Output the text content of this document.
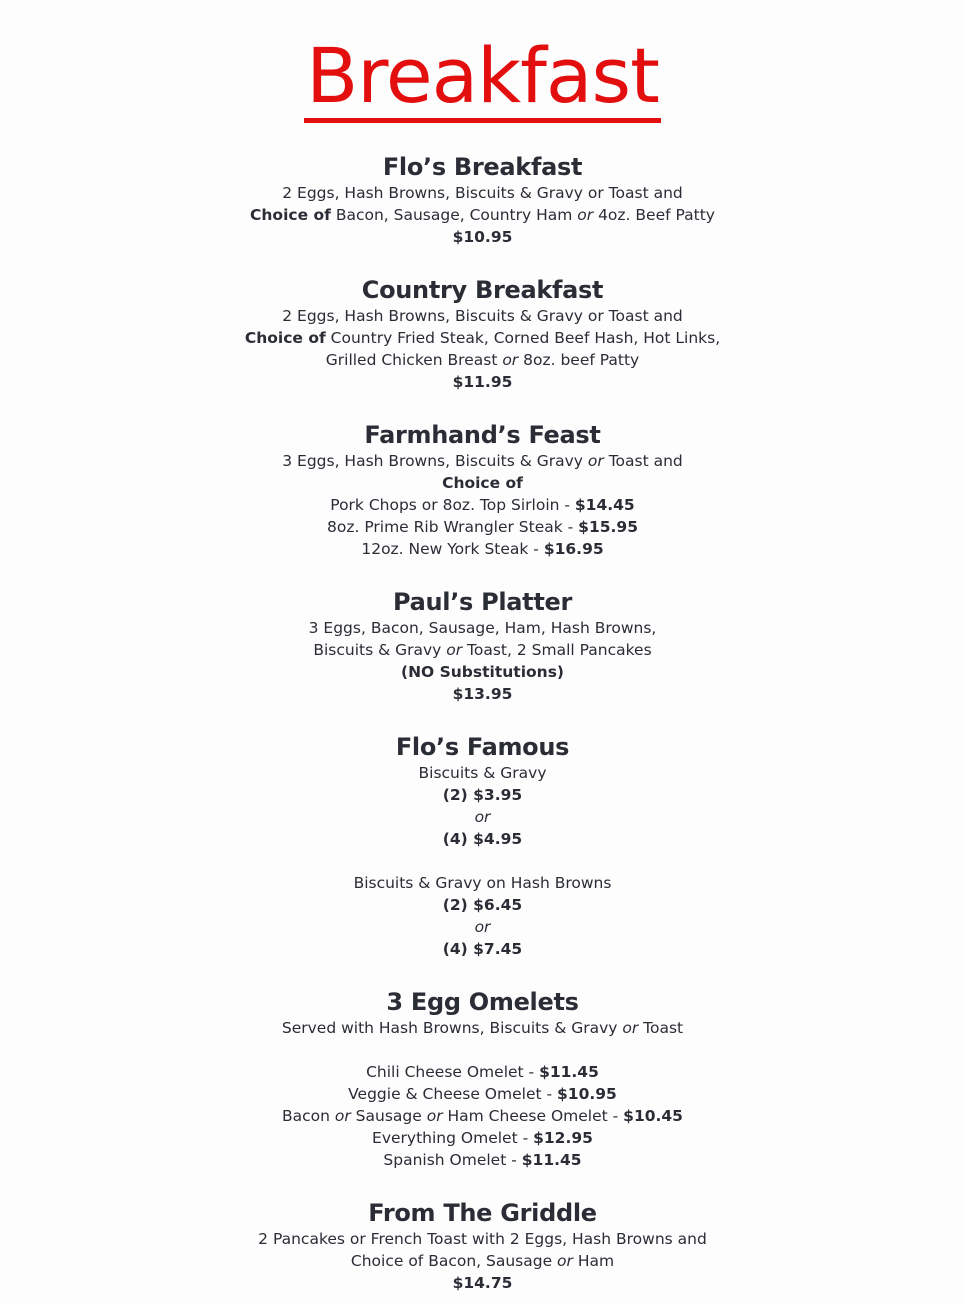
Breakfast
Flo’s Breakfast
2 Eggs, Hash Browns, Biscuits & Gravy or Toast and
Choice of Bacon, Sausage, Country Ham or 4oz. Beef Patty
$10.95
Country Breakfast
2 Eggs, Hash Browns, Biscuits & Gravy or Toast and
Choice of Country Fried Steak, Corned Beef Hash, Hot Links,
Grilled Chicken Breast or 8oz. beef Patty
$11.95
Farmhand’s Feast
3 Eggs, Hash Browns, Biscuits & Gravy or Toast and
Choice of
Pork Chops or 8oz. Top Sirloin - $14.45
8oz. Prime Rib Wrangler Steak - $15.95
12oz. New York Steak - $16.95
Paul’s Platter
3 Eggs, Bacon, Sausage, Ham, Hash Browns,
Biscuits & Gravy or Toast, 2 Small Pancakes
(NO Substitutions)
$13.95
Flo’s Famous
Biscuits & Gravy
(2) $3.95
or
(4) $4.95
Biscuits & Gravy on Hash Browns
(2) $6.45
or
(4) $7.45
3 Egg Omelets
Served with Hash Browns, Biscuits & Gravy or Toast
Chili Cheese Omelet - $11.45
Veggie & Cheese Omelet - $10.95
Bacon or Sausage or Ham Cheese Omelet - $10.45
Everything Omelet - $12.95
Spanish Omelet - $11.45
From The Griddle
2 Pancakes or French Toast with 2 Eggs, Hash Browns and
Choice of Bacon, Sausage or Ham
$14.75
